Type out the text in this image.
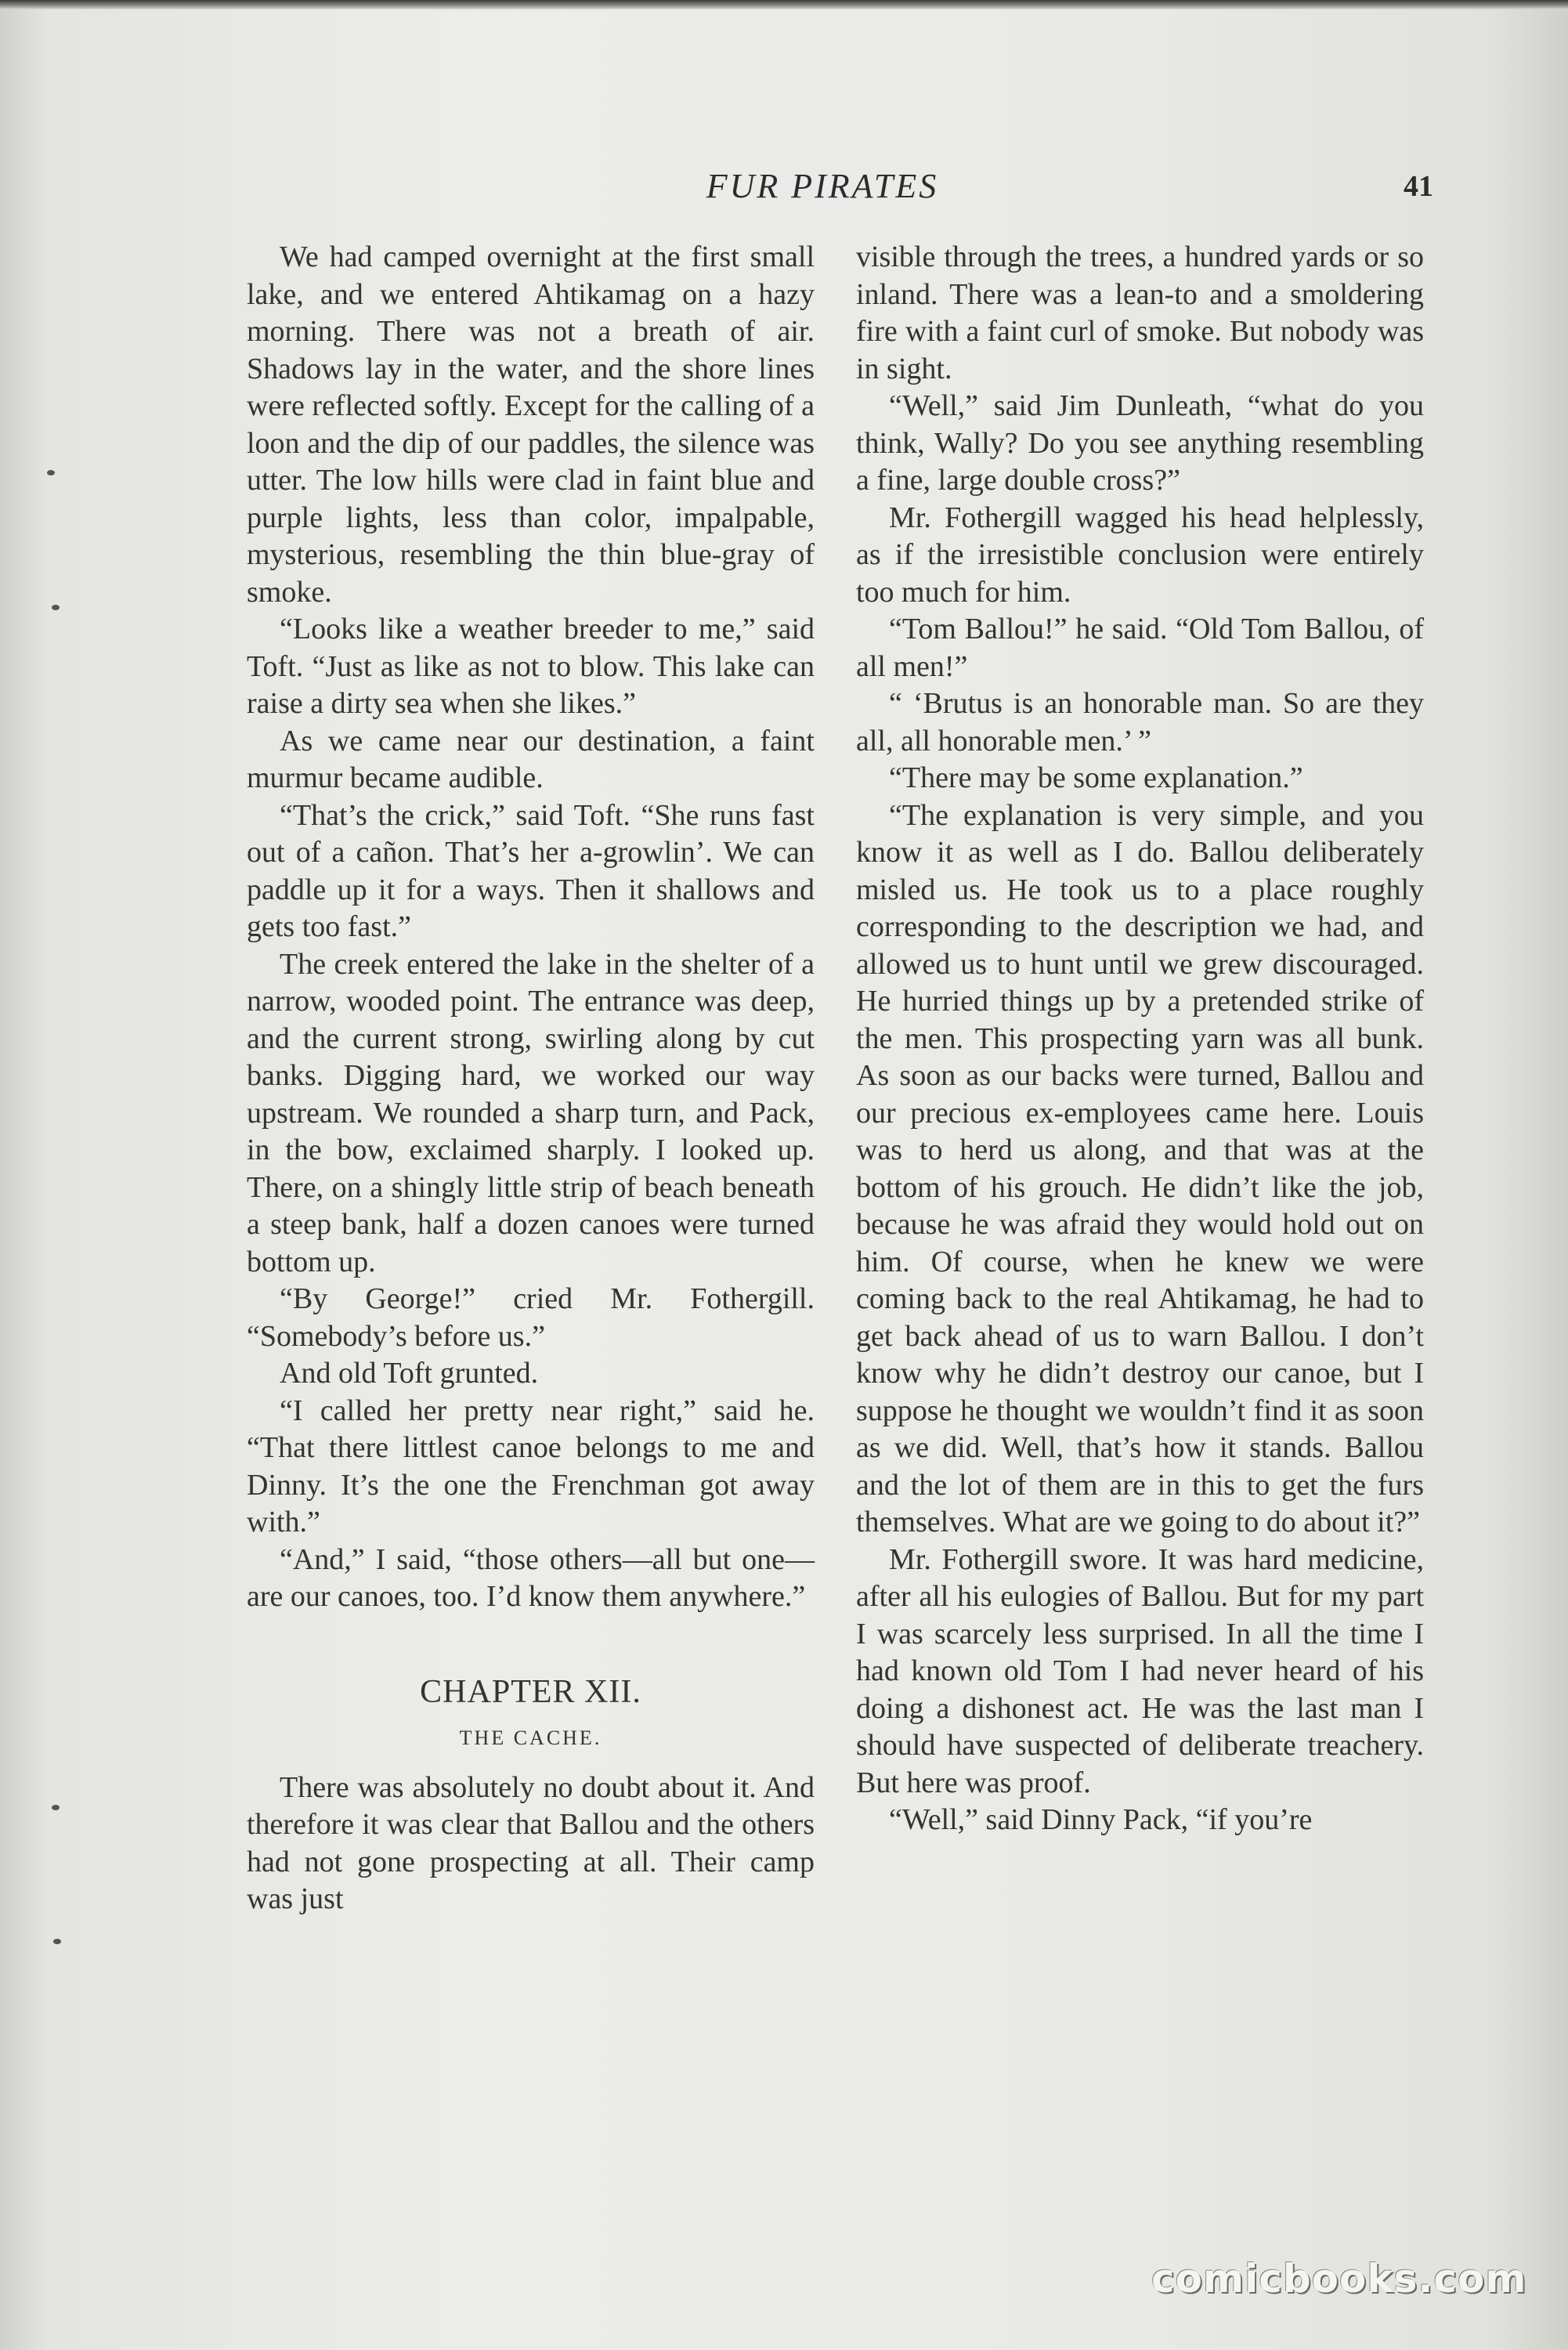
FUR PIRATES	41

We had camped overnight at the first small lake, and we entered Ahtikamag on a hazy morning. There was not a breath of air. Shadows lay in the water, and the shore lines were reflected softly. Except for the calling of a loon and the dip of our paddles, the silence was utter. The low hills were clad in faint blue and purple lights, less than color, impalpable, mysterious, resembling the thin blue-gray of smoke.

“Looks like a weather breeder to me,” said Toft. “Just as like as not to blow. This lake can raise a dirty sea when she likes.”

As we came near our destination, a faint murmur became audible.

“That’s the crick,” said Toft. “She runs fast out of a cañon. That’s her a-growlin’. We can paddle up it for a ways. Then it shallows and gets too fast.”

The creek entered the lake in the shelter of a narrow, wooded point. The entrance was deep, and the current strong, swirling along by cut banks. Digging hard, we worked our way upstream. We rounded a sharp turn, and Pack, in the bow, exclaimed sharply. I looked up. There, on a shingly little strip of beach beneath a steep bank, half a dozen canoes were turned bottom up.

“By George!” cried Mr. Fothergill. “Somebody’s before us.”

And old Toft grunted.

“I called her pretty near right,” said he. “That there littlest canoe belongs to me and Dinny. It’s the one the Frenchman got away with.”

“And,” I said, “those others—all but one—are our canoes, too. I’d know them anywhere.”

CHAPTER XII.
THE CACHE.

There was absolutely no doubt about it. And therefore it was clear that Ballou and the others had not gone prospecting at all. Their camp was just

visible through the trees, a hundred yards or so inland. There was a lean-to and a smoldering fire with a faint curl of smoke. But nobody was in sight.

“Well,” said Jim Dunleath, “what do you think, Wally? Do you see anything resembling a fine, large double cross?”

Mr. Fothergill wagged his head helplessly, as if the irresistible conclusion were entirely too much for him.

“Tom Ballou!” he said. “Old Tom Ballou, of all men!”

“ ‘Brutus is an honorable man. So are they all, all honorable men.’ ”

“There may be some explanation.”

“The explanation is very simple, and you know it as well as I do. Ballou deliberately misled us. He took us to a place roughly corresponding to the description we had, and allowed us to hunt until we grew discouraged. He hurried things up by a pretended strike of the men. This prospecting yarn was all bunk. As soon as our backs were turned, Ballou and our precious ex-employees came here. Louis was to herd us along, and that was at the bottom of his grouch. He didn’t like the job, because he was afraid they would hold out on him. Of course, when he knew we were coming back to the real Ahtikamag, he had to get back ahead of us to warn Ballou. I don’t know why he didn’t destroy our canoe, but I suppose he thought we wouldn’t find it as soon as we did. Well, that’s how it stands. Ballou and the lot of them are in this to get the furs themselves. What are we going to do about it?”

Mr. Fothergill swore. It was hard medicine, after all his eulogies of Ballou. But for my part I was scarcely less surprised. In all the time I had known old Tom I had never heard of his doing a dishonest act. He was the last man I should have suspected of deliberate treachery. But here was proof.

“Well,” said Dinny Pack, “if you’re

comicbooks.com
